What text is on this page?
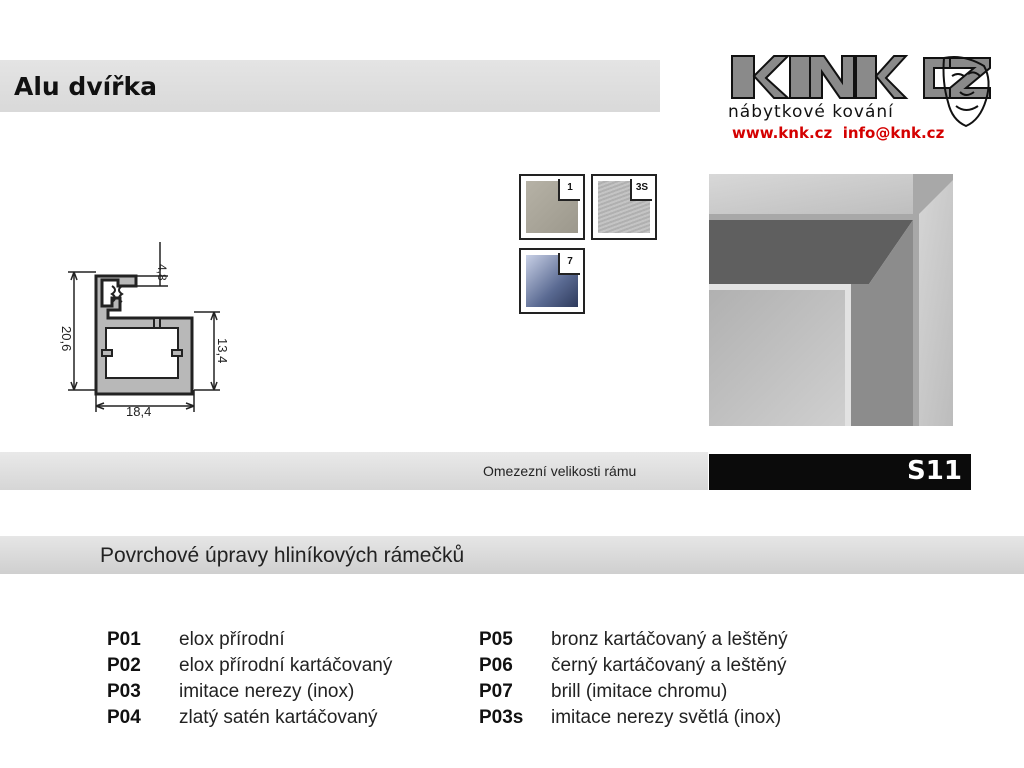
Alu dvířka
nábytkové kování
www.knk.cz  info@knk.cz
4,8
20,6	13,4
18,4
1	3S
7
Omezezní velikosti rámu	S11
Povrchové úpravy hliníkových rámečků
P01	elox přírodní
P02	elox přírodní kartáčovaný
P03	imitace nerezy (inox)
P04	zlatý satén kartáčovaný
P05	bronz kartáčovaný a leštěný
P06	černý kartáčovaný a leštěný
P07	brill (imitace chromu)
P03s	imitace nerezy světlá (inox)
